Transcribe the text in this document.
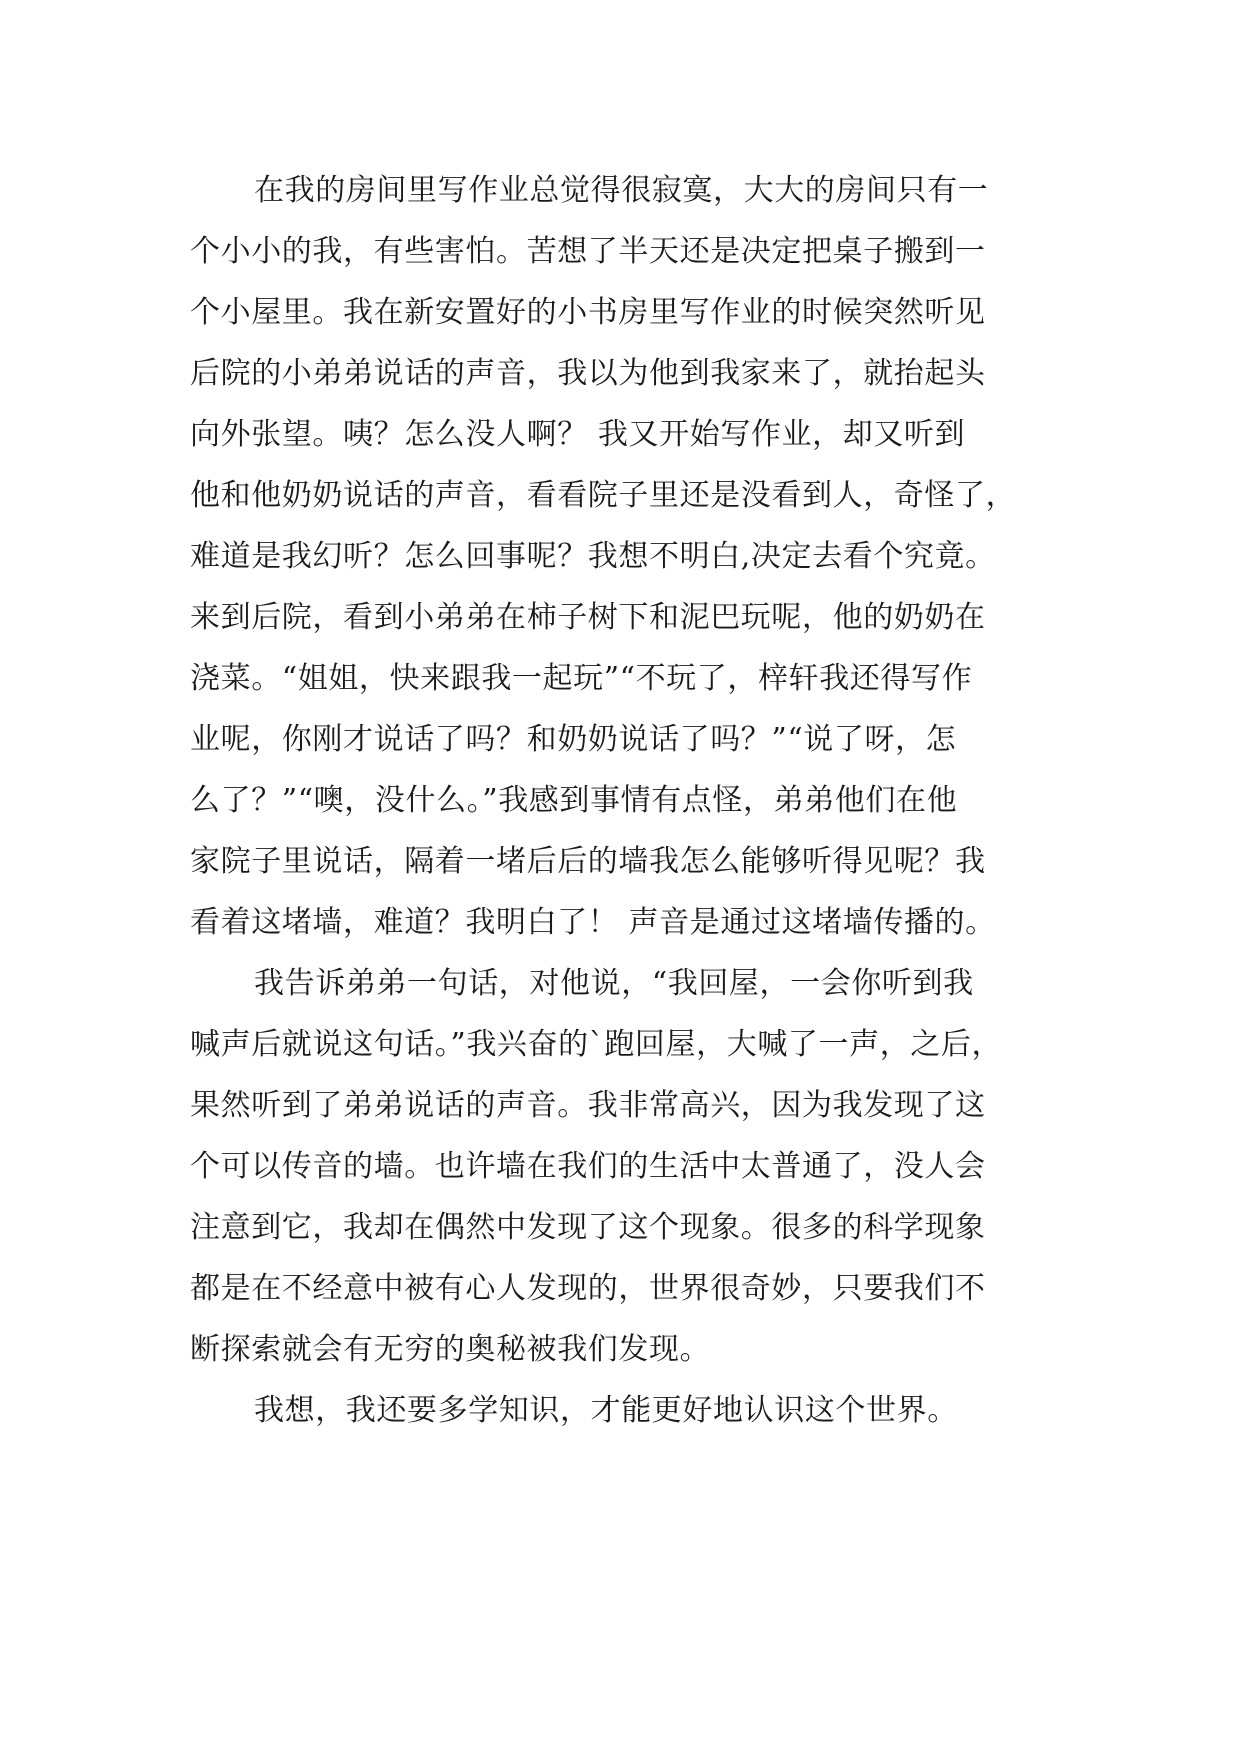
在我的房间里写作业总觉得很寂寞，大大的房间只有一
个小小的我，有些害怕。苦想了半天还是决定把桌子搬到一
个小屋里。我在新安置好的小书房里写作业的时候突然听见
后院的小弟弟说话的声音，我以为他到我家来了，就抬起头
向外张望。咦？怎么没人啊？ 我又开始写作业，却又听到
他和他奶奶说话的声音，看看院子里还是没看到人，奇怪了，
难道是我幻听？怎么回事呢？我想不明白,决定去看个究竟。
来到后院，看到小弟弟在柿子树下和泥巴玩呢，他的奶奶在
浇菜。“姐姐，快来跟我一起玩”“不玩了，梓轩我还得写作
业呢，你刚才说话了吗？和奶奶说话了吗？”“说了呀，怎
么了？”“噢，没什么。”我感到事情有点怪，弟弟他们在他
家院子里说话，隔着一堵后后的墙我怎么能够听得见呢？我
看着这堵墙，难道？我明白了！ 声音是通过这堵墙传播的。
我告诉弟弟一句话，对他说，“我回屋，一会你听到我
喊声后就说这句话。”我兴奋的`跑回屋，大喊了一声，之后，
果然听到了弟弟说话的声音。我非常高兴，因为我发现了这
个可以传音的墙。也许墙在我们的生活中太普通了，没人会
注意到它，我却在偶然中发现了这个现象。很多的科学现象
都是在不经意中被有心人发现的，世界很奇妙，只要我们不
断探索就会有无穷的奥秘被我们发现。
我想，我还要多学知识，才能更好地认识这个世界。
